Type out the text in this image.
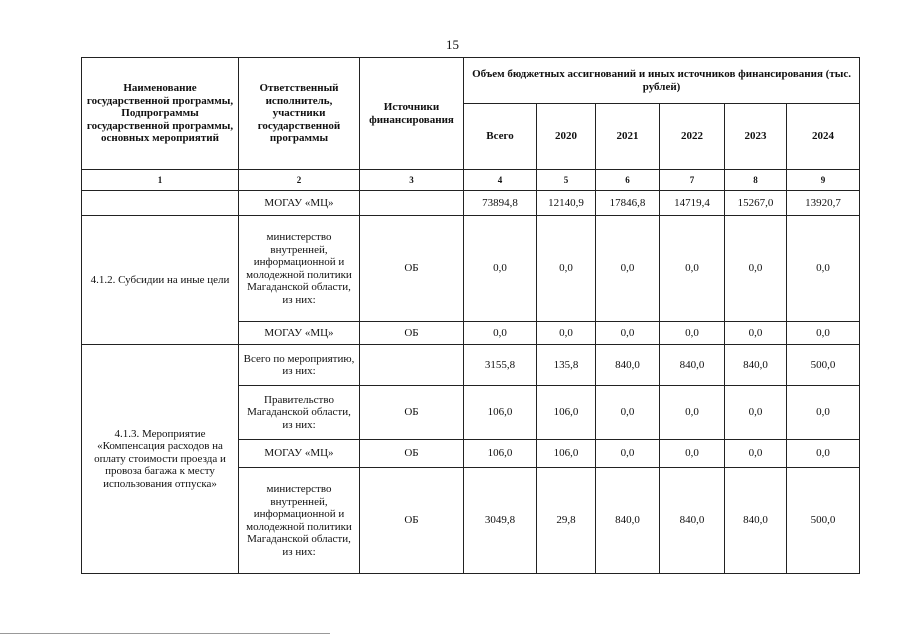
15
Наименование государственной программы, Подпрограммы государственной программы, основных мероприятий	Ответственный исполнитель, участники государственной программы	Источники финансирования	Объем бюджетных ассигнований и иных источников финансирования (тыс. рублей)					
			Всего	2020	2021	2022	2023	2024
1	2	3	4	5	6	7	8	9
	МОГАУ «МЦ»		73894,8	12140,9	17846,8	14719,4	15267,0	13920,7
4.1.2. Субсидии на иные цели	министерство внутренней, информационной и молодежной политики Магаданской области, из них:	ОБ	0,0	0,0	0,0	0,0	0,0	0,0
	МОГАУ «МЦ»	ОБ	0,0	0,0	0,0	0,0	0,0	0,0
4.1.3. Мероприятие «Компенсация расходов на оплату стоимости проезда и провоза багажа к месту использования отпуска»	Всего по мероприятию, из них:		3155,8	135,8	840,0	840,0	840,0	500,0
	Правительство Магаданской области, из них:	ОБ	106,0	106,0	0,0	0,0	0,0	0,0
	МОГАУ «МЦ»	ОБ	106,0	106,0	0,0	0,0	0,0	0,0
	министерство внутренней, информационной и молодежной политики Магаданской области, из них:	ОБ	3049,8	29,8	840,0	840,0	840,0	500,0
